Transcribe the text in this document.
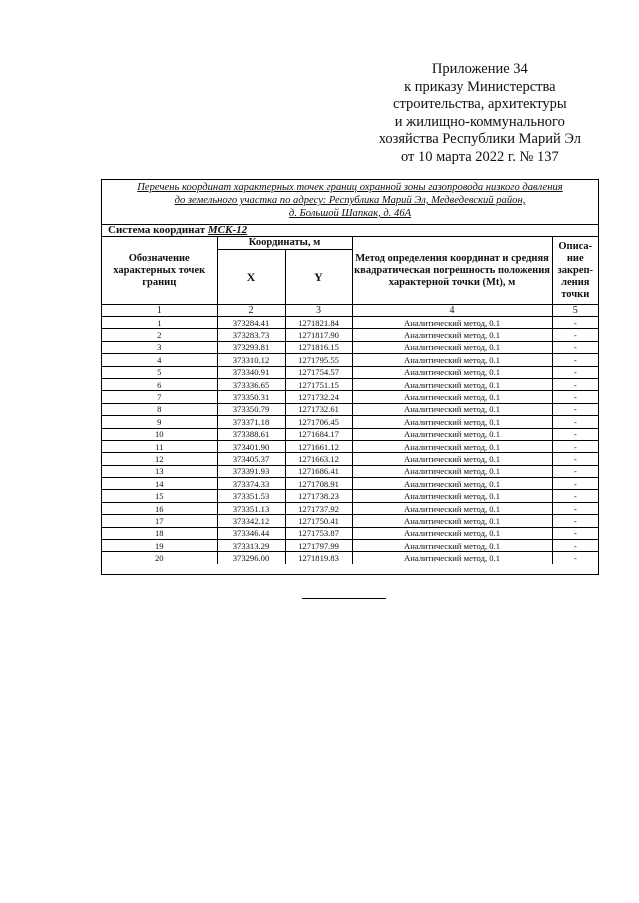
Приложение 34
к приказу Министерства
строительства, архитектуры
и жилищно-коммунального
хозяйства Республики Марий Эл
от 10 марта 2022 г. № 137
Перечень координат характерных точек границ охранной зоны газопровода низкого давления
до земельного участка по адресу: Республика Марий Эл, Медведевский район,
д. Большой Шапкак, д. 46А
Система координат МСК-12
Обозначение характерных точек границ	Координаты, м		Метод определения координат и средняя квадратическая погрешность положения характерной точки (Mt), м	Описа-ние закреп-ления точки
	X	Y		
1	2	3	4	5
1	373284.41	1271821.84	Аналитический метод, 0.1	-
2	373283.73	1271817.90	Аналитический метод, 0.1	-
3	373293.81	1271816.15	Аналитический метод, 0.1	-
4	373310.12	1271795.55	Аналитический метод, 0.1	-
5	373340.91	1271754.57	Аналитический метод, 0.1	-
6	373336.65	1271751.15	Аналитический метод, 0.1	-
7	373350.31	1271732.24	Аналитический метод, 0.1	-
8	373350.79	1271732.61	Аналитический метод, 0.1	-
9	373371.18	1271706.45	Аналитический метод, 0.1	-
10	373388.61	1271684.17	Аналитический метод, 0.1	-
11	373401.90	1271661.12	Аналитический метод, 0.1	-
12	373405.37	1271663.12	Аналитический метод, 0.1	-
13	373391.93	1271686.41	Аналитический метод, 0.1	-
14	373374.33	1271708.91	Аналитический метод, 0.1	-
15	373351.53	1271738.23	Аналитический метод, 0.1	-
16	373351.13	1271737.92	Аналитический метод, 0.1	-
17	373342.12	1271750.41	Аналитический метод, 0.1	-
18	373346.44	1271753.87	Аналитический метод, 0.1	-
19	373313.29	1271797.99	Аналитический метод, 0.1	-
20	373296.00	1271819.83	Аналитический метод, 0.1	-
